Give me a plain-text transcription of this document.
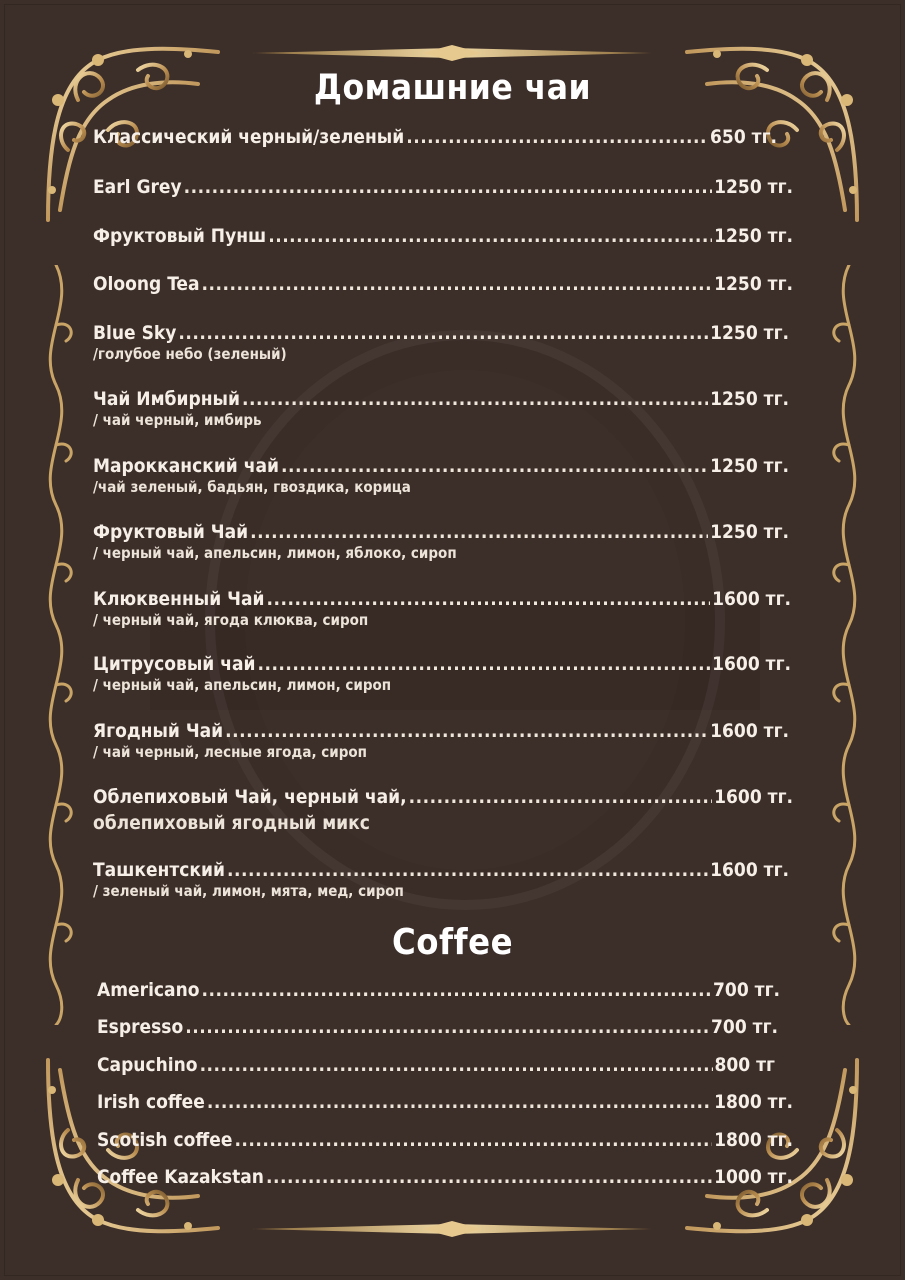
Домашние чаи
Классический черный/зеленый .....	650 тг.
Earl Grey .....	1250 тг.
Фруктовый Пунш .....	1250 тг.
Oloong Tea .....	1250 тг.
Blue Sky .....	1250 тг.
/голубое небо (зеленый)
Чай Имбирный .....	1250 тг.
/ чай черный, имбирь
Марокканский чай .....	1250 тг.
/чай зеленый, бадьян, гвоздика, корица
Фруктовый Чай .....	1250 тг.
/ черный чай, апельсин, лимон, яблоко, сироп
Клюквенный Чай .....	1600 тг.
/ черный чай, ягода клюква, сироп
Цитрусовый чай .....	1600 тг.
/ черный чай, апельсин, лимон, сироп
Ягодный Чай .....	1600 тг.
/ чай черный, лесные ягода, сироп
Облепиховый Чай, черный чай, .....	1600 тг.
облепиховый ягодный микс
Ташкентский .....	1600 тг.
/ зеленый чай, лимон, мята, мед, сироп
Coffee
Americano .....	700 тг.
Espresso .....	700 тг.
Capuchino .....	800 тг
Irish coffee .....	1800 тг.
Scotish coffee .....	1800 тг.
Coffee Kazakstan .....	1000 тг.
